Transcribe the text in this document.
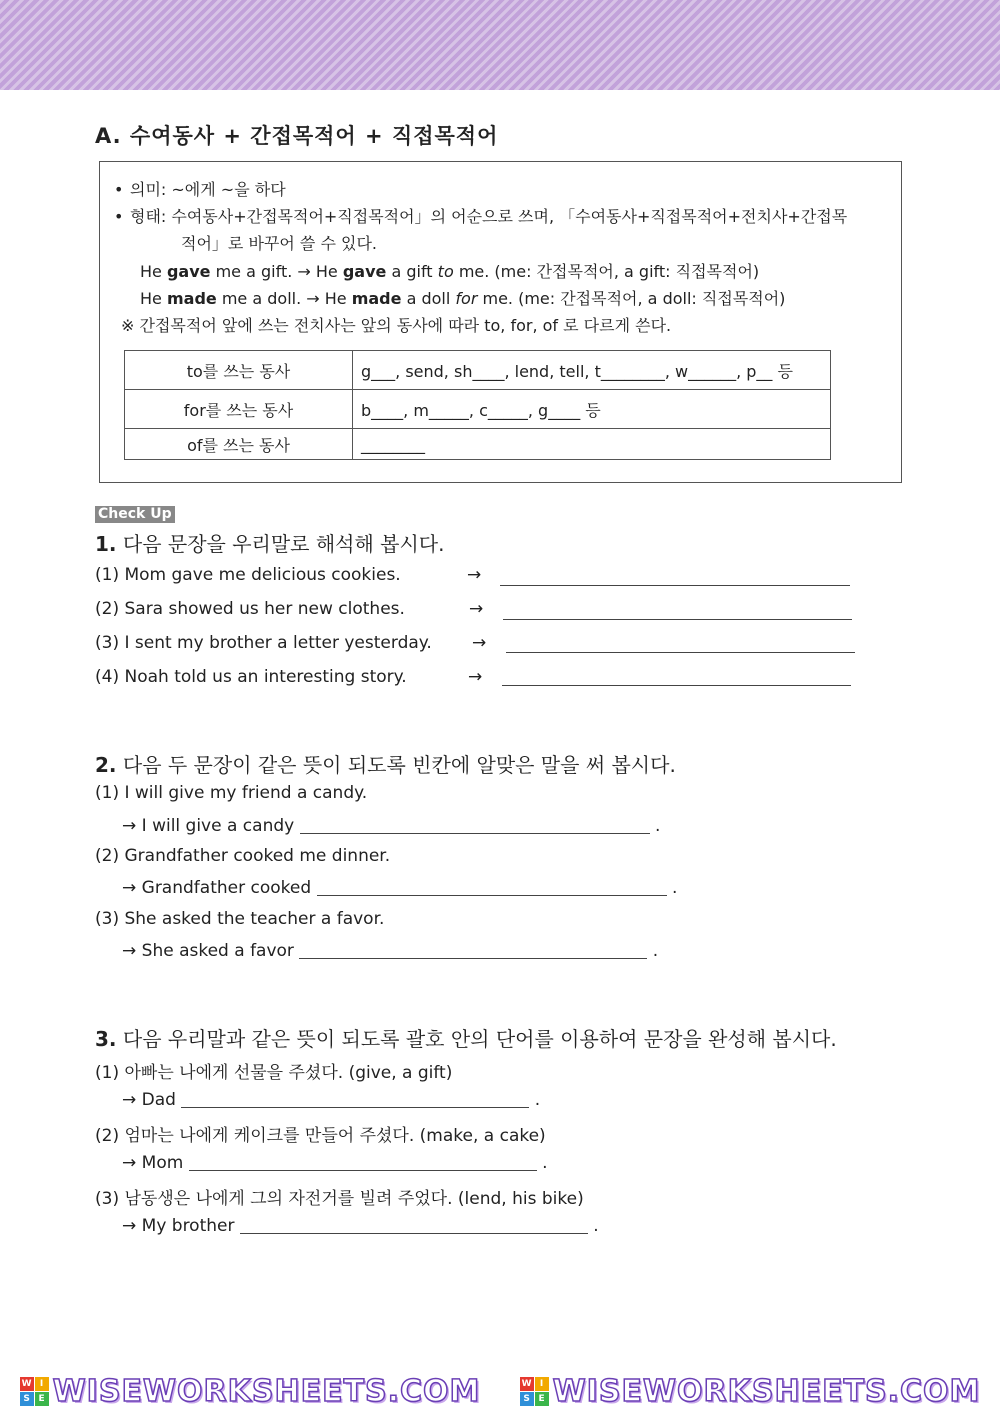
A. 수여동사 + 간접목적어 + 직접목적어
• 의미: ~에게 ~을 하다
• 형태: 수여동사+간접목적어+직접목적어」의 어순으로 쓰며, 「수여동사+직접목적어+전치사+간접목
적어」로 바꾸어 쓸 수 있다.
He gave me a gift. → He gave a gift to me. (me: 간접목적어, a gift: 직접목적어)
He made me a doll. → He made a doll for me. (me: 간접목적어, a doll: 직접목적어)
※ 간접목적어 앞에 쓰는 전치사는 앞의 동사에 따라 to, for, of 로 다르게 쓴다.
to를 쓰는 동사	g___, send, sh____, lend, tell, t________, w______, p__ 등
for를 쓰는 동사	b____, m_____, c_____, g____ 등
of를 쓰는 동사	________
Check Up
1. 다음 문장을 우리말로 해석해 봅시다.
(1) Mom gave me delicious cookies.	→
(2) Sara showed us her new clothes.	→
(3) I sent my brother a letter yesterday. →
(4) Noah told us an interesting story.	→
2. 다음 두 문장이 같은 뜻이 되도록 빈칸에 알맞은 말을 써 봅시다.
(1) I will give my friend a candy.
→ I will give a candy	.
(2) Grandfather cooked me dinner.
→ Grandfather cooked	.
(3) She asked the teacher a favor.
→ She asked a favor	.
3. 다음 우리말과 같은 뜻이 되도록 괄호 안의 단어를 이용하여 문장을 완성해 봅시다.
(1) 아빠는 나에게 선물을 주셨다. (give, a gift)
→ Dad	.
(2) 엄마는 나에게 케이크를 만들어 주셨다. (make, a cake)
→ Mom	.
(3) 남동생은 나에게 그의 자전거를 빌려 주었다. (lend, his bike)
→ My brother	.
W I
S E WISEWORKSHEETS.COM	W I
S E WISEWORKSHEETS.COM
